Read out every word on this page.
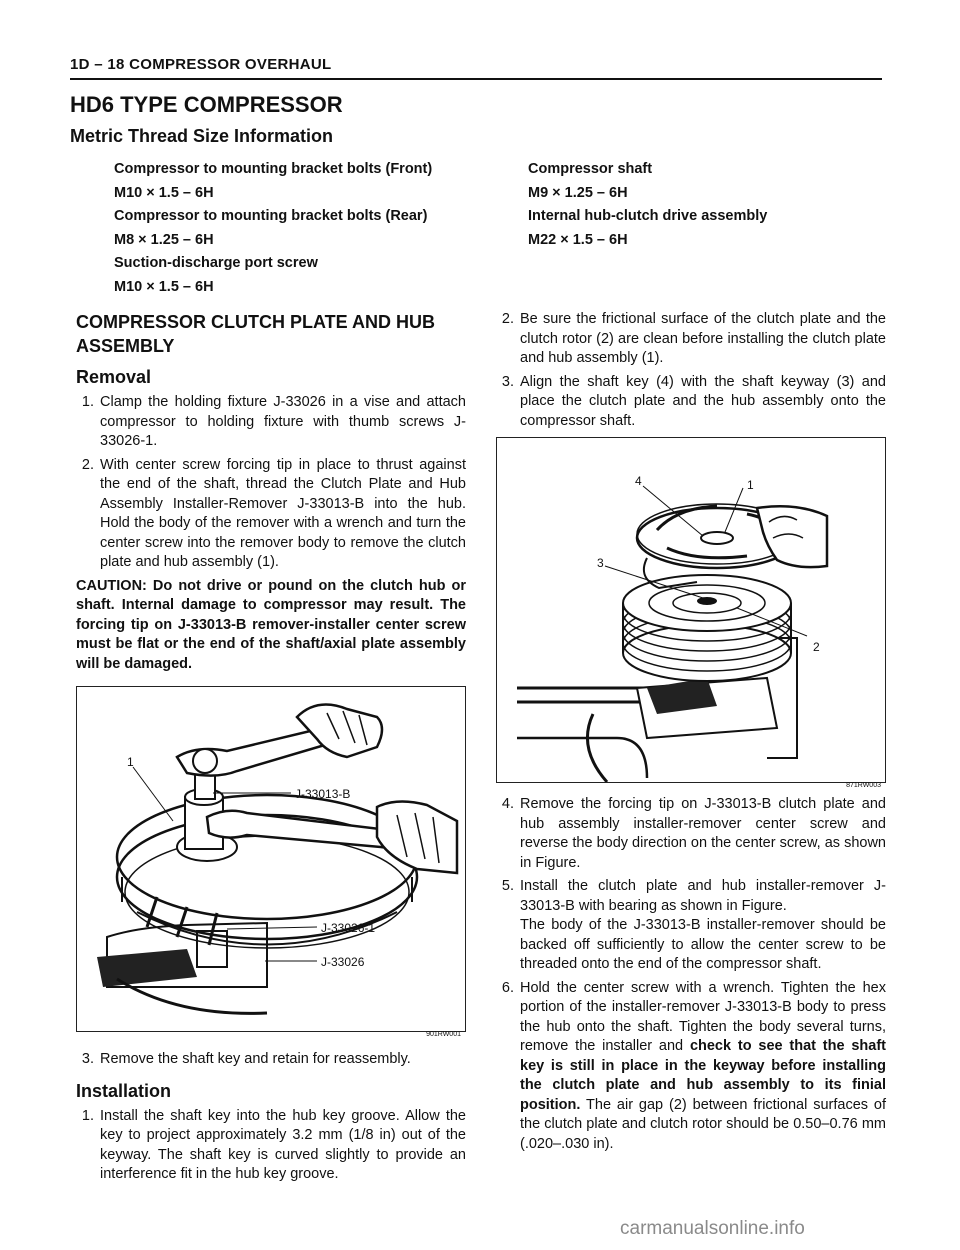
1D – 18 COMPRESSOR OVERHAUL
HD6 TYPE COMPRESSOR
Metric Thread Size Information
Compressor to mounting bracket bolts (Front)
M10 × 1.5 – 6H
Compressor to mounting bracket bolts (Rear)
M8 × 1.25 – 6H
Suction-discharge port screw
M10 × 1.5 – 6H
Compressor shaft
M9 × 1.25 – 6H
Internal hub-clutch drive assembly
M22 × 1.5 – 6H
COMPRESSOR CLUTCH PLATE AND HUB ASSEMBLY
Removal
1. Clamp the holding fixture J-33026 in a vise and attach compressor to holding fixture with thumb screws J-33026-1.
2. With center screw forcing tip in place to thrust against the end of the shaft, thread the Clutch Plate and Hub Assembly Installer-Remover J-33013-B into the hub. Hold the body of the remover with a wrench and turn the center screw into the remover body to remove the clutch plate and hub assembly (1).
CAUTION: Do not drive or pound on the clutch hub or shaft. Internal damage to compressor may result. The forcing tip on J-33013-B remover-installer center screw must be flat or the end of the shaft/axial plate assembly will be damaged.
1
J-33013-B
J-33026-1
J-33026
901RW001
3. Remove the shaft key and retain for reassembly.
Installation
1. Install the shaft key into the hub key groove. Allow the key to project approximately 3.2 mm (1/8 in) out of the keyway. The shaft key is curved slightly to provide an interference fit in the hub key groove.
2. Be sure the frictional surface of the clutch plate and the clutch rotor (2) are clean before installing the clutch plate and hub assembly (1).
3. Align the shaft key (4) with the shaft keyway (3) and place the clutch plate and the hub assembly onto the compressor shaft.
4	1
3
2
871RW003
4. Remove the forcing tip on J-33013-B clutch plate and hub assembly installer-remover center screw and reverse the body direction on the center screw, as shown in Figure.
5. Install the clutch plate and hub installer-remover J-33013-B with bearing as shown in Figure.
The body of the J-33013-B installer-remover should be backed off sufficiently to allow the center screw to be threaded onto the end of the compressor shaft.
6. Hold the center screw with a wrench. Tighten the hex portion of the installer-remover J-33013-B body to press the hub onto the shaft. Tighten the body several turns, remove the installer and check to see that the shaft key is still in place in the keyway before installing the clutch plate and hub assembly to its finial position. The air gap (2) between frictional surfaces of the clutch plate and clutch rotor should be 0.50–0.76 mm (.020–.030 in).
carmanualsonline.info
